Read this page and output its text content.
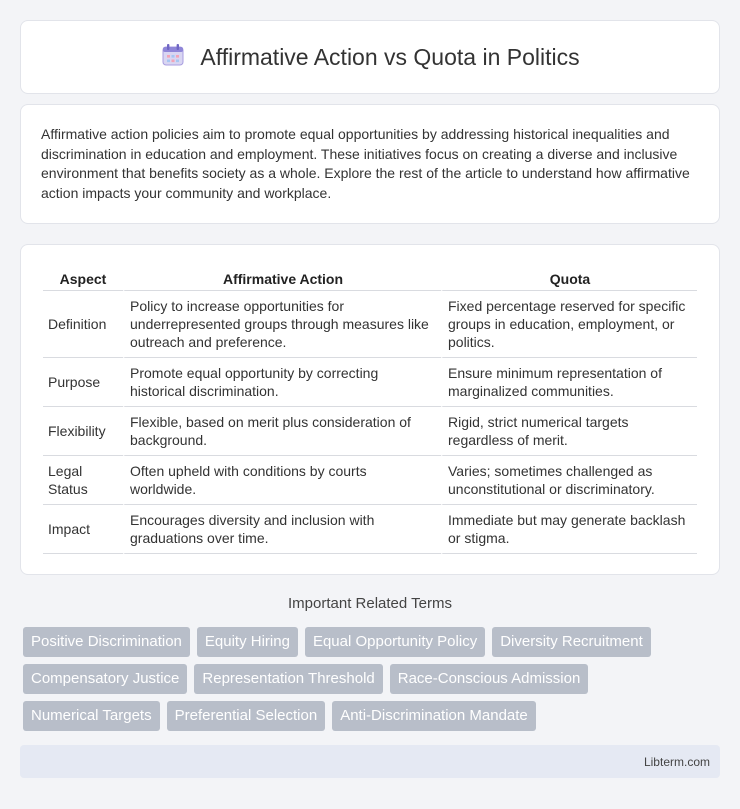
Affirmative Action vs Quota in Politics

Affirmative action policies aim to promote equal opportunities by addressing historical inequalities and discrimination in education and employment. These initiatives focus on creating a diverse and inclusive environment that benefits society as a whole. Explore the rest of the article to understand how affirmative action impacts your community and workplace.

Aspect	Affirmative Action	Quota
Definition	Policy to increase opportunities for underrepresented groups through measures like outreach and preference.	Fixed percentage reserved for specific groups in education, employment, or politics.
Purpose	Promote equal opportunity by correcting historical discrimination.	Ensure minimum representation of marginalized communities.
Flexibility	Flexible, based on merit plus consideration of background.	Rigid, strict numerical targets regardless of merit.
Legal Status	Often upheld with conditions by courts worldwide.	Varies; sometimes challenged as unconstitutional or discriminatory.
Impact	Encourages diversity and inclusion with graduations over time.	Immediate but may generate backlash or stigma.
Important Related Terms
Positive Discrimination	Equity Hiring	Equal Opportunity Policy	Diversity Recruitment
Compensatory Justice	Representation Threshold	Race-Conscious Admission
Numerical Targets	Preferential Selection	Anti-Discrimination Mandate
Libterm.com
